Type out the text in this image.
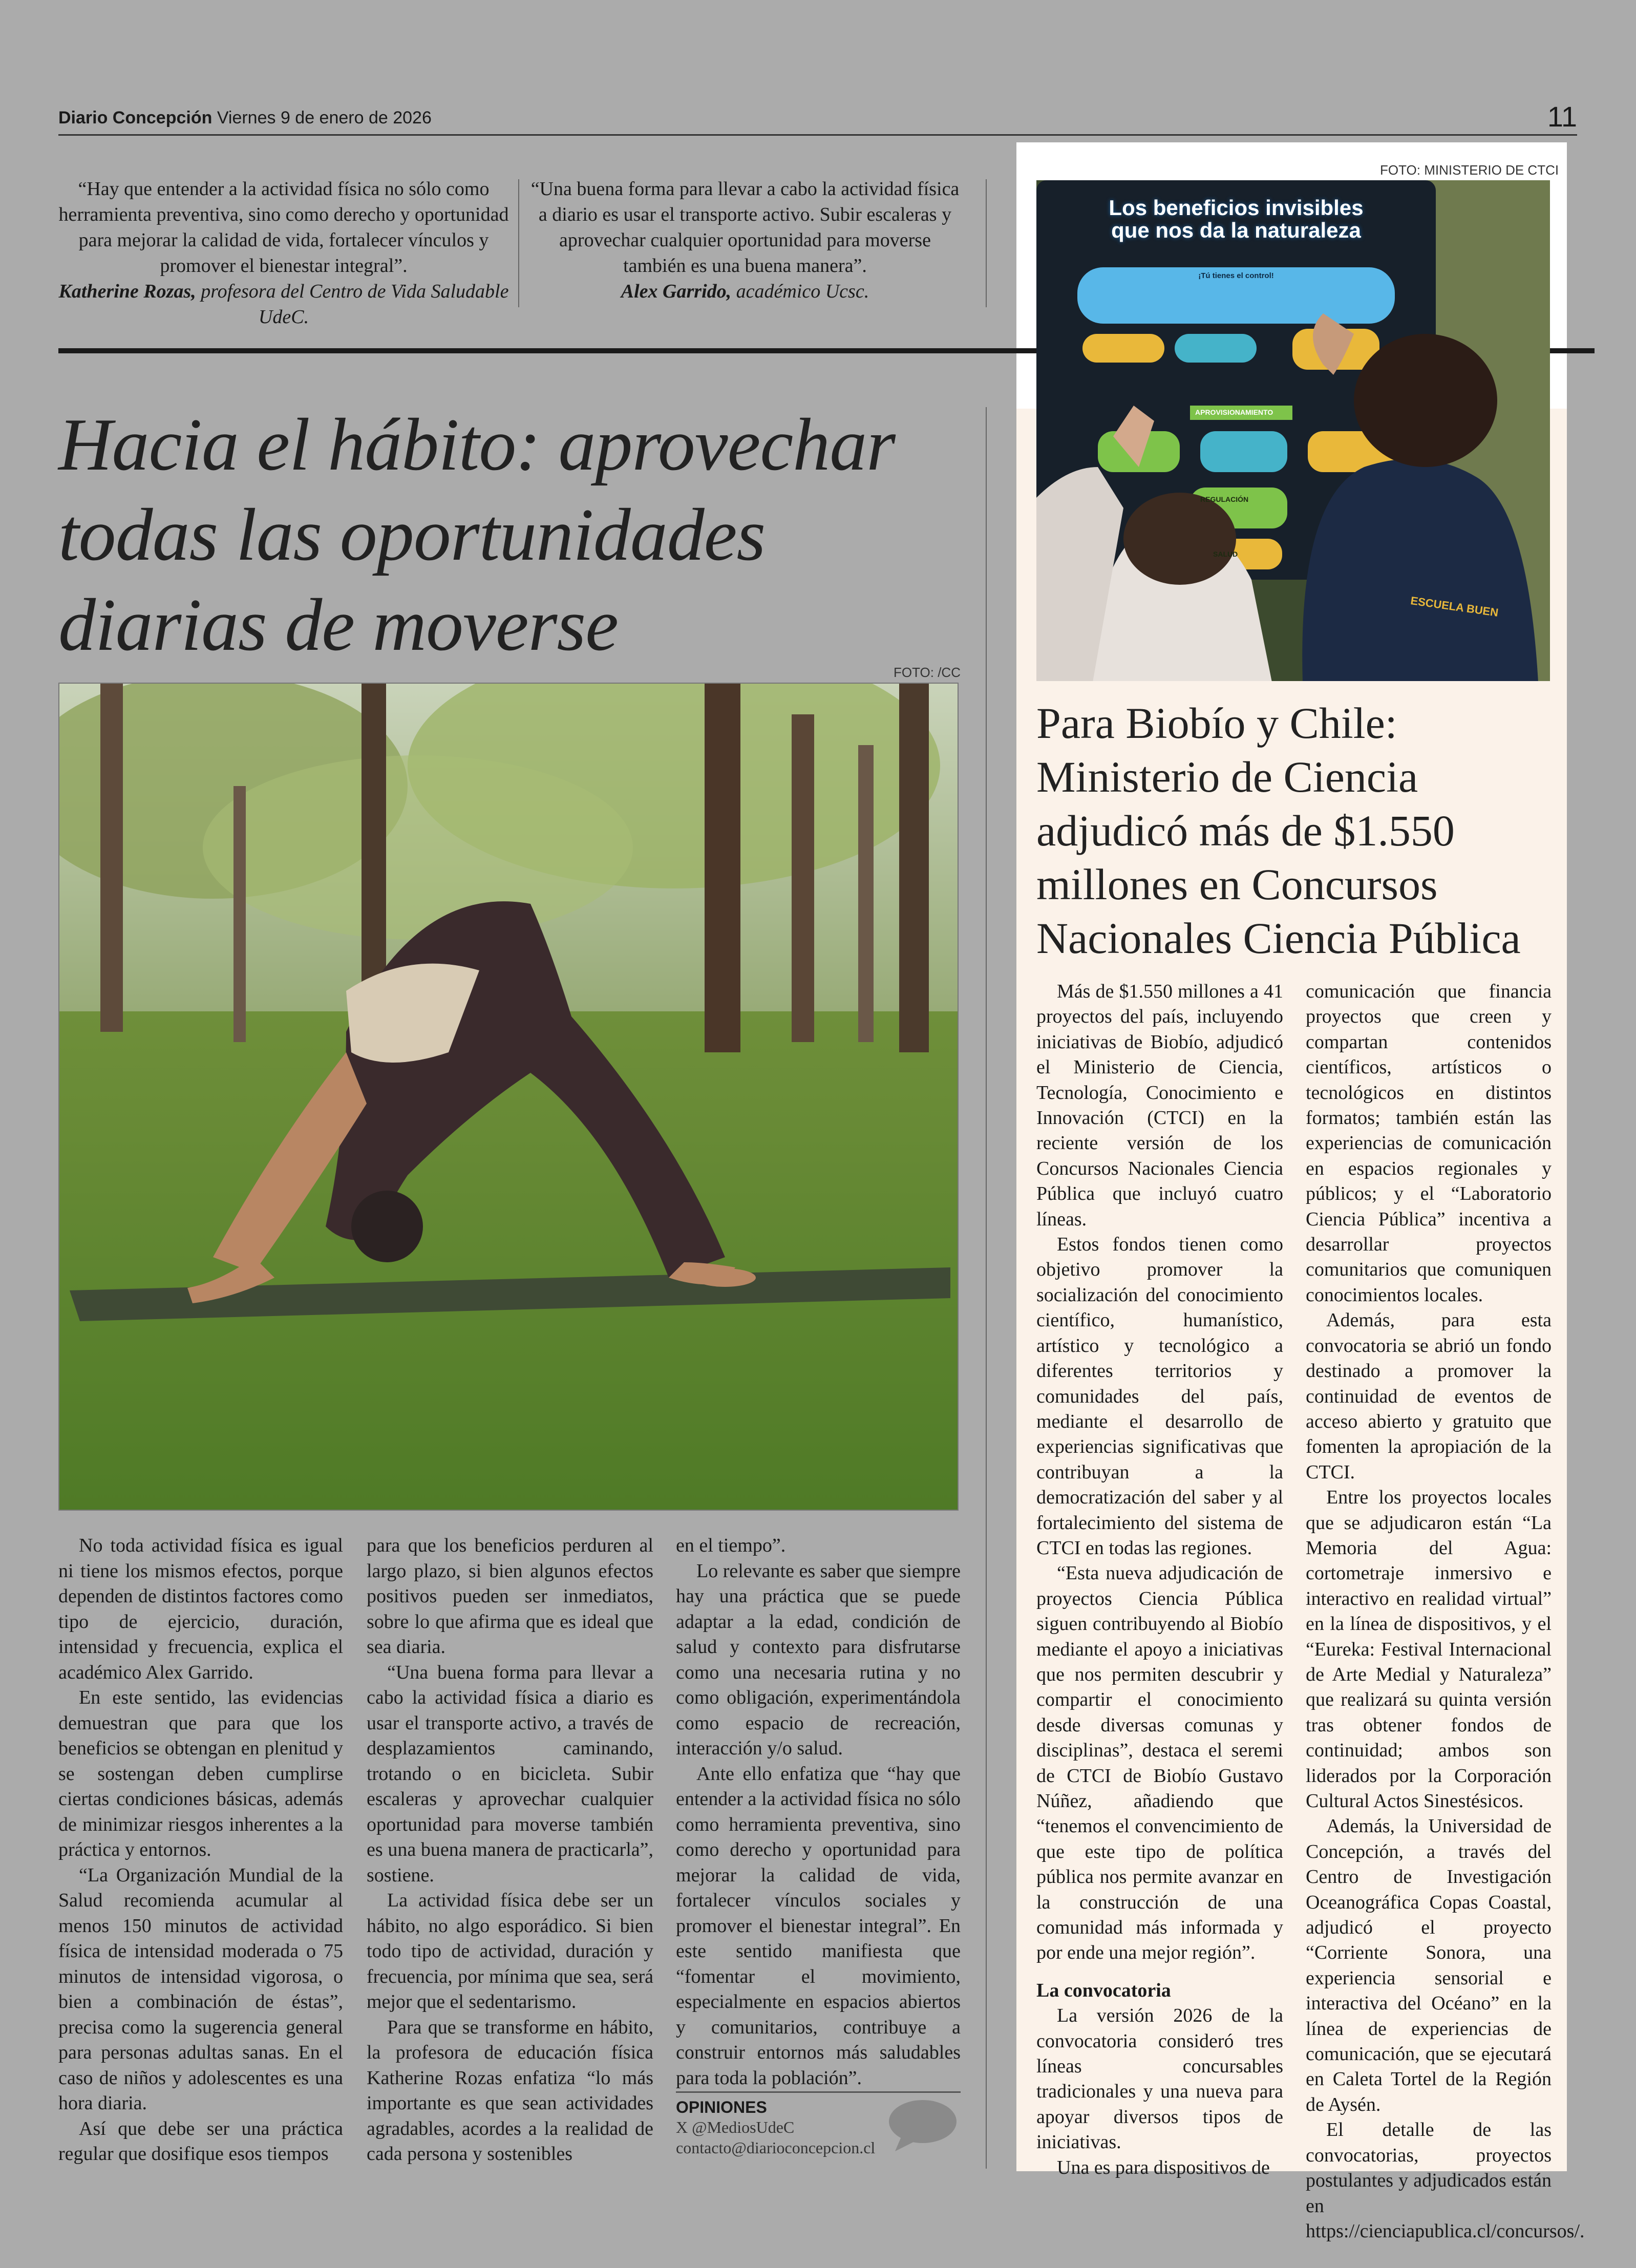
Diario Concepción Viernes 9 de enero de 2026	11
“Hay que entender a la actividad física no sólo como herramienta preventiva, sino como derecho y oportunidad para mejorar la calidad de vida, fortalecer vínculos y promover el bienestar integral”.
Katherine Rozas, profesora del Centro de Vida Saludable UdeC.
“Una buena forma para llevar a cabo la actividad física a diario es usar el transporte activo. Subir escaleras y aprovechar cualquier oportunidad para moverse también es una buena manera”.
Alex Garrido, académico Ucsc.
Hacia el hábito: aprovechar todas las oportunidades diarias de moverse
FOTO: /CC

No toda actividad física es igual ni tiene los mismos efectos, porque dependen de distintos factores como tipo de ejercicio, duración, intensidad y frecuencia, explica el académico Alex Garrido.

En este sentido, las evidencias demuestran que para que los beneficios se obtengan en plenitud y se sostengan deben cumplirse ciertas condiciones básicas, además de minimizar riesgos inherentes a la práctica y entornos.

“La Organización Mundial de la Salud recomienda acumular al menos 150 minutos de actividad física de intensidad moderada o 75 minutos de intensidad vigorosa, o bien a combinación de éstas”, precisa como la sugerencia general para personas adultas sanas. En el caso de niños y adolescentes es una hora diaria.

Así que debe ser una práctica regular que dosifique esos tiempos

para que los beneficios perduren al largo plazo, si bien algunos efectos positivos pueden ser inmediatos, sobre lo que afirma que es ideal que sea diaria.

“Una buena forma para llevar a cabo la actividad física a diario es usar el transporte activo, a través de desplazamientos caminando, trotando o en bicicleta. Subir escaleras y aprovechar cualquier oportunidad para moverse también es una buena manera de practicarla”, sostiene.

La actividad física debe ser un hábito, no algo esporádico. Si bien todo tipo de actividad, duración y frecuencia, por mínima que sea, será mejor que el sedentarismo.

Para que se transforme en hábito, la profesora de educación física Katherine Rozas enfatiza “lo más importante es que sean actividades agradables, acordes a la realidad de cada persona y sostenibles

en el tiempo”.

Lo relevante es saber que siempre hay una práctica que se puede adaptar a la edad, condición de salud y contexto para disfrutarse como una necesaria rutina y no como obligación, experimentándola como espacio de recreación, interacción y/o salud.

Ante ello enfatiza que “hay que entender a la actividad física no sólo como herramienta preventiva, sino como derecho y oportunidad para mejorar la calidad de vida, fortalecer vínculos sociales y promover el bienestar integral”. En este sentido manifiesta que “fomentar el movimiento, especialmente en espacios abiertos y comunitarios, contribuye a construir entornos más saludables para toda la población”.

OPINIONES
X @MediosUdeC
contacto@diarioconcepcion.cl
FOTO: MINISTERIO DE CTCI
Los beneficios invisibles que nos da la naturaleza
¡Tú tienes el control!
APROVISIONAMIENTO
REGULACIÓN
SALUD
ESCUELA BUEN
Para Biobío y Chile: Ministerio de Ciencia adjudicó más de $1.550 millones en Concursos Nacionales Ciencia Pública

Más de $1.550 millones a 41 proyectos del país, incluyendo iniciativas de Biobío, adjudicó el Ministerio de Ciencia, Tecnología, Conocimiento e Innovación (CTCI) en la reciente versión de los Concursos Nacionales Ciencia Pública que incluyó cuatro líneas.

Estos fondos tienen como objetivo promover la socialización del conocimiento científico, humanístico, artístico y tecnológico a diferentes territorios y comunidades del país, mediante el desarrollo de experiencias significativas que contribuyan a la democratización del saber y al fortalecimiento del sistema de CTCI en todas las regiones.

“Esta nueva adjudicación de proyectos Ciencia Pública siguen contribuyendo al Biobío mediante el apoyo a iniciativas que nos permiten descubrir y compartir el conocimiento desde diversas comunas y disciplinas”, destaca el seremi de CTCI de Biobío Gustavo Núñez, añadiendo que “tenemos el convencimiento de que este tipo de política pública nos permite avanzar en la construcción de una comunidad más informada y por ende una mejor región”.

La convocatoria

La versión 2026 de la convocatoria consideró tres líneas concursables tradicionales y una nueva para apoyar diversos tipos de iniciativas.

Una es para dispositivos de

comunicación que financia proyectos que creen y compartan contenidos científicos, artísticos o tecnológicos en distintos formatos; también están las experiencias de comunicación en espacios regionales y públicos; y el “Laboratorio Ciencia Pública” incentiva a desarrollar proyectos comunitarios que comuniquen conocimientos locales.

Además, para esta convocatoria se abrió un fondo destinado a promover la continuidad de eventos de acceso abierto y gratuito que fomenten la apropiación de la CTCI.

Entre los proyectos locales que se adjudicaron están “La Memoria del Agua: cortometraje inmersivo e interactivo en realidad virtual” en la línea de dispositivos, y el “Eureka: Festival Internacional de Arte Medial y Naturaleza” que realizará su quinta versión tras obtener fondos de continuidad; ambos son liderados por la Corporación Cultural Actos Sinestésicos.

Además, la Universidad de Concepción, a través del Centro de Investigación Oceanográfica Copas Coastal, adjudicó el proyecto “Corriente Sonora, una experiencia sensorial e interactiva del Océano” en la línea de experiencias de comunicación, que se ejecutará en Caleta Tortel de la Región de Aysén.

El detalle de las convocatorias, proyectos postulantes y adjudicados están en https://cienciapublica.cl/concursos/.
